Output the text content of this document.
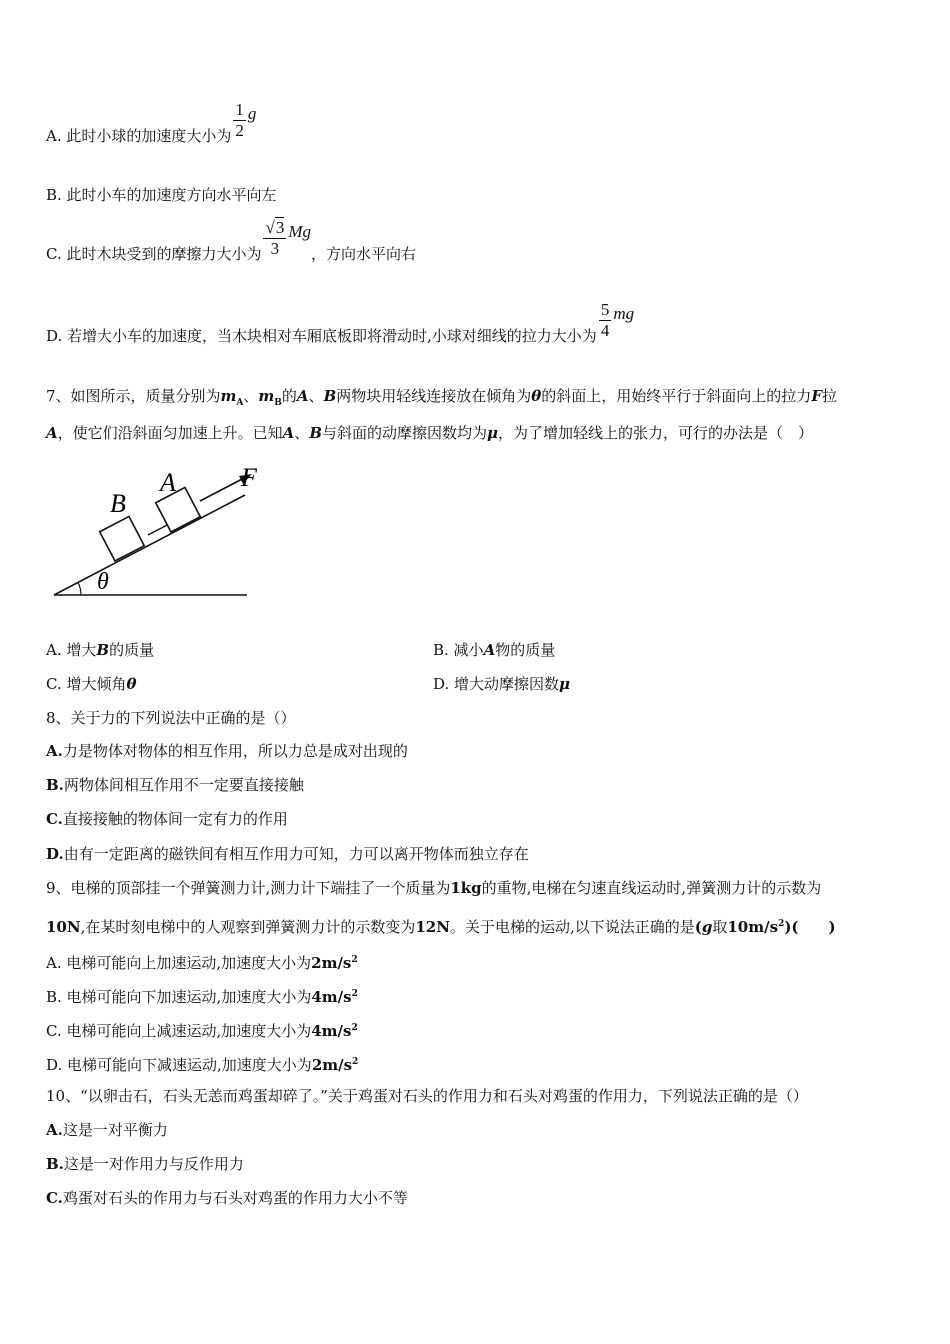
A. 此时小球的加速度大小为 $\frac{1}{2}$ g
B. 此时小车的加速度方向水平向左
C. 此时木块受到的摩擦力大小为 $\frac{√3}{3}$ Mg，方向水平向右
D. 若增大小车的加速度，当木块相对车厢底板即将滑动时,小球对细线的拉力大小为 $\frac{5}{4}$ mg
7、如图所示，质量分别为$m_A$、$m_B$的A、B两物块用轻线连接放在倾角为θ的斜面上，用始终平行于斜面向上的拉力F拉
A，使它们沿斜面匀加速上升。已知A、B与斜面的动摩擦因数均为μ，为了增加轻线上的张力，可行的办法是（　）
θ
B
A	F
A. 增大B的质量	B. 减小A物的质量
C. 增大倾角θ	D. 增大动摩擦因数μ
8、关于力的下列说法中正确的是（）
A.力是物体对物体的相互作用，所以力总是成对出现的
B.两物体间相互作用不一定要直接接触
C.直接接触的物体间一定有力的作用
D.由有一定距离的磁铁间有相互作用力可知，力可以离开物体而独立存在
9、电梯的顶部挂一个弹簧测力计,测力计下端挂了一个质量为1kg的重物,电梯在匀速直线运动时,弹簧测力计的示数为
10N,在某时刻电梯中的人观察到弹簧测力计的示数变为12N。关于电梯的运动,以下说法正确的是(g取$10m/s^2$)(　　)
A. 电梯可能向上加速运动,加速度大小为$2m/s^2$
B. 电梯可能向下加速运动,加速度大小为$4m/s^2$
C. 电梯可能向上减速运动,加速度大小为$4m/s^2$
D. 电梯可能向下减速运动,加速度大小为$2m/s^2$
10、“以卵击石，石头无恙而鸡蛋却碎了。”关于鸡蛋对石头的作用力和石头对鸡蛋的作用力，下列说法正确的是（）
A.这是一对平衡力
B.这是一对作用力与反作用力
C.鸡蛋对石头的作用力与石头对鸡蛋的作用力大小不等
